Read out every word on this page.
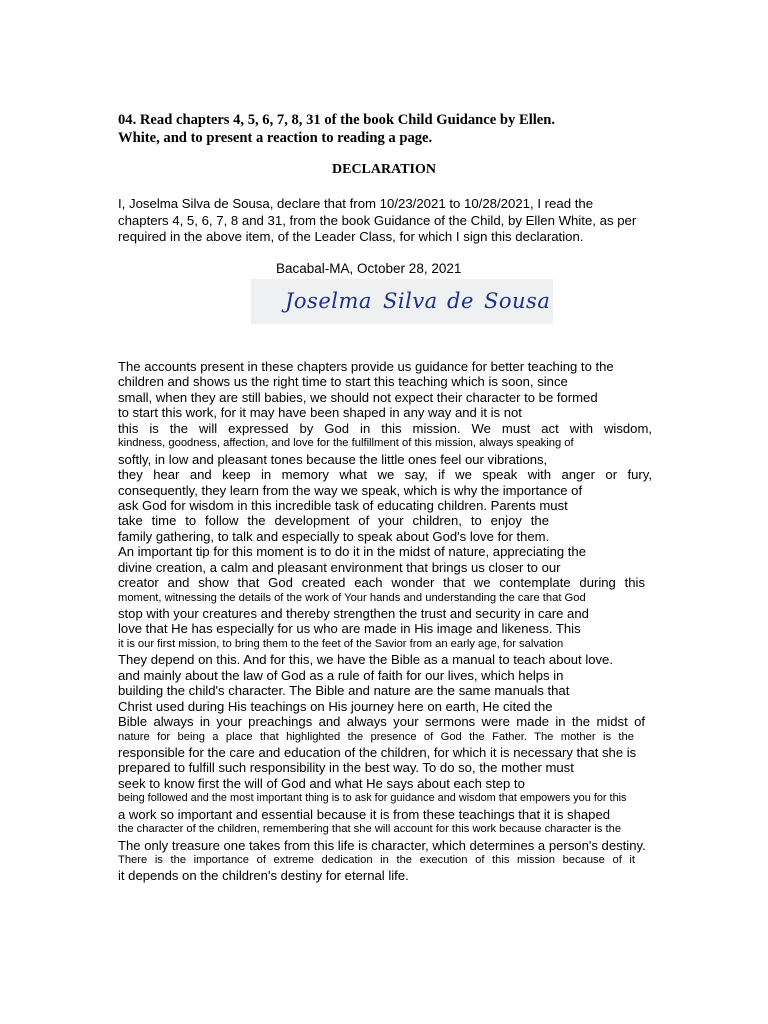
04. Read chapters 4, 5, 6, 7, 8, 31 of the book Child Guidance by Ellen.
White, and to present a reaction to reading a page.
DECLARATION
I, Joselma Silva de Sousa, declare that from 10/23/2021 to 10/28/2021, I read the
chapters 4, 5, 6, 7, 8 and 31, from the book Guidance of the Child, by Ellen White, as per
required in the above item, of the Leader Class, for which I sign this declaration.
Bacabal-MA, October 28, 2021
Joselma Silva de Sousa
The accounts present in these chapters provide us guidance for better teaching to the
children and shows us the right time to start this teaching which is soon, since
small, when they are still babies, we should not expect their character to be formed
to start this work, for it may have been shaped in any way and it is not
this is the will expressed by God in this mission. We must act with wisdom,
kindness, goodness, affection, and love for the fulfillment of this mission, always speaking of
softly, in low and pleasant tones because the little ones feel our vibrations,
they hear and keep in memory what we say, if we speak with anger or fury,
consequently, they learn from the way we speak, which is why the importance of
ask God for wisdom in this incredible task of educating children. Parents must
take time to follow the development of your children, to enjoy the
family gathering, to talk and especially to speak about God's love for them.
An important tip for this moment is to do it in the midst of nature, appreciating the
divine creation, a calm and pleasant environment that brings us closer to our
creator and show that God created each wonder that we contemplate during this
moment, witnessing the details of the work of Your hands and understanding the care that God
stop with your creatures and thereby strengthen the trust and security in care and
love that He has especially for us who are made in His image and likeness. This
it is our first mission, to bring them to the feet of the Savior from an early age, for salvation
They depend on this. And for this, we have the Bible as a manual to teach about love.
and mainly about the law of God as a rule of faith for our lives, which helps in
building the child's character. The Bible and nature are the same manuals that
Christ used during His teachings on His journey here on earth, He cited the
Bible always in your preachings and always your sermons were made in the midst of
nature for being a place that highlighted the presence of God the Father. The mother is the
responsible for the care and education of the children, for which it is necessary that she is
prepared to fulfill such responsibility in the best way. To do so, the mother must
seek to know first the will of God and what He says about each step to
being followed and the most important thing is to ask for guidance and wisdom that empowers you for this
a work so important and essential because it is from these teachings that it is shaped
the character of the children, remembering that she will account for this work because character is the
The only treasure one takes from this life is character, which determines a person's destiny.
There is the importance of extreme dedication in the execution of this mission because of it
it depends on the children's destiny for eternal life.
